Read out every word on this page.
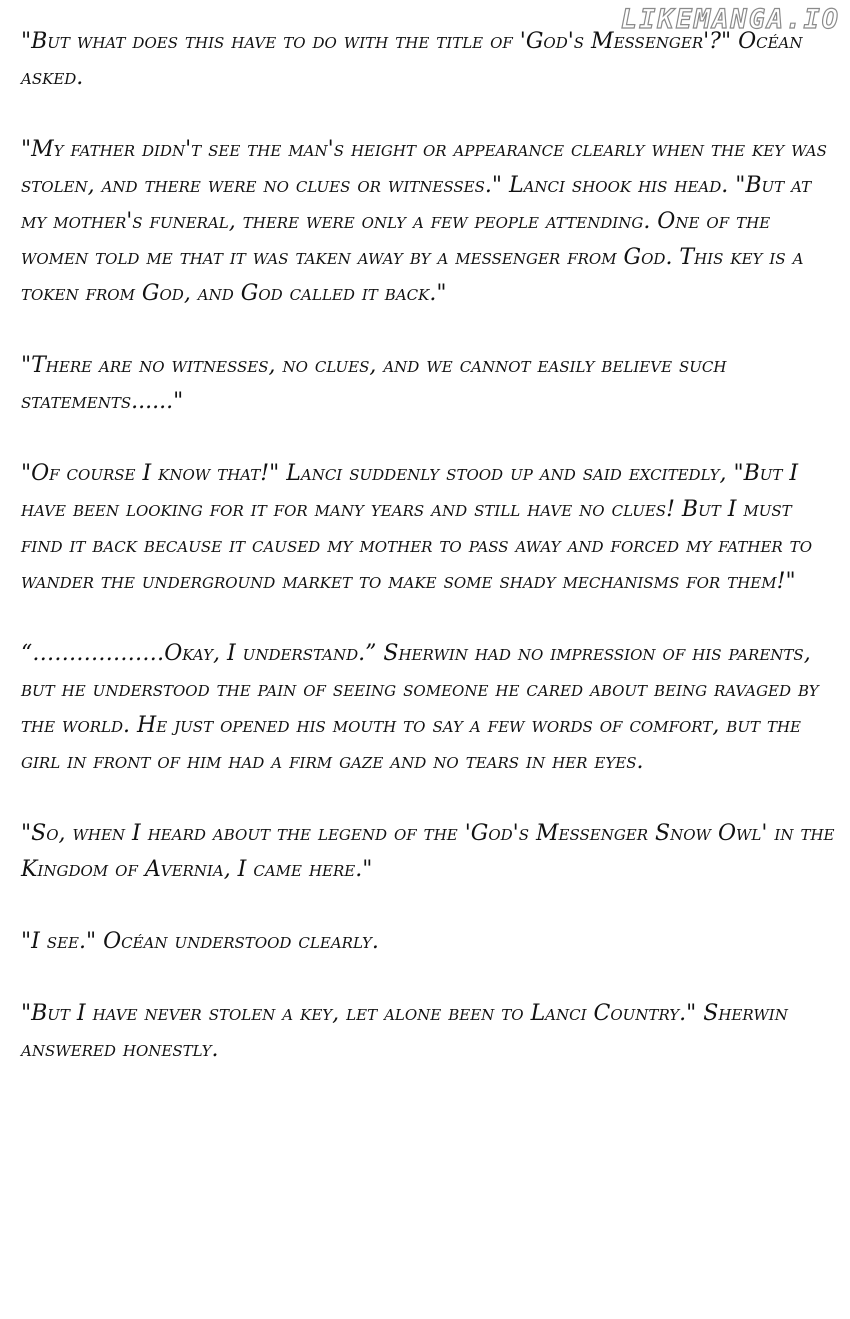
LIKEMANGA.IO

"But what does this have to do with the title of 'God's Messenger'?" Océan asked.

"My father didn't see the man's height or appearance clearly when the key was stolen, and there were no clues or witnesses." Lanci shook his head. "But at my mother's funeral, there were only a few people attending. One of the women told me that it was taken away by a messenger from God. This key is a token from God, and God called it back."

"There are no witnesses, no clues, and we cannot easily believe such statements......"

"Of course I know that!" Lanci suddenly stood up and said excitedly, "But I have been looking for it for many years and still have no clues! But I must find it back because it caused my mother to pass away and forced my father to wander the underground market to make some shady mechanisms for them!"

“………………Okay, I understand.” Sherwin had no impression of his parents, but he understood the pain of seeing someone he cared about being ravaged by the world. He just opened his mouth to say a few words of comfort, but the girl in front of him had a firm gaze and no tears in her eyes.

"So, when I heard about the legend of the 'God's Messenger Snow Owl' in the Kingdom of Avernia, I came here."

"I see." Océan understood clearly.

"But I have never stolen a key, let alone been to Lanci Country." Sherwin answered honestly.
